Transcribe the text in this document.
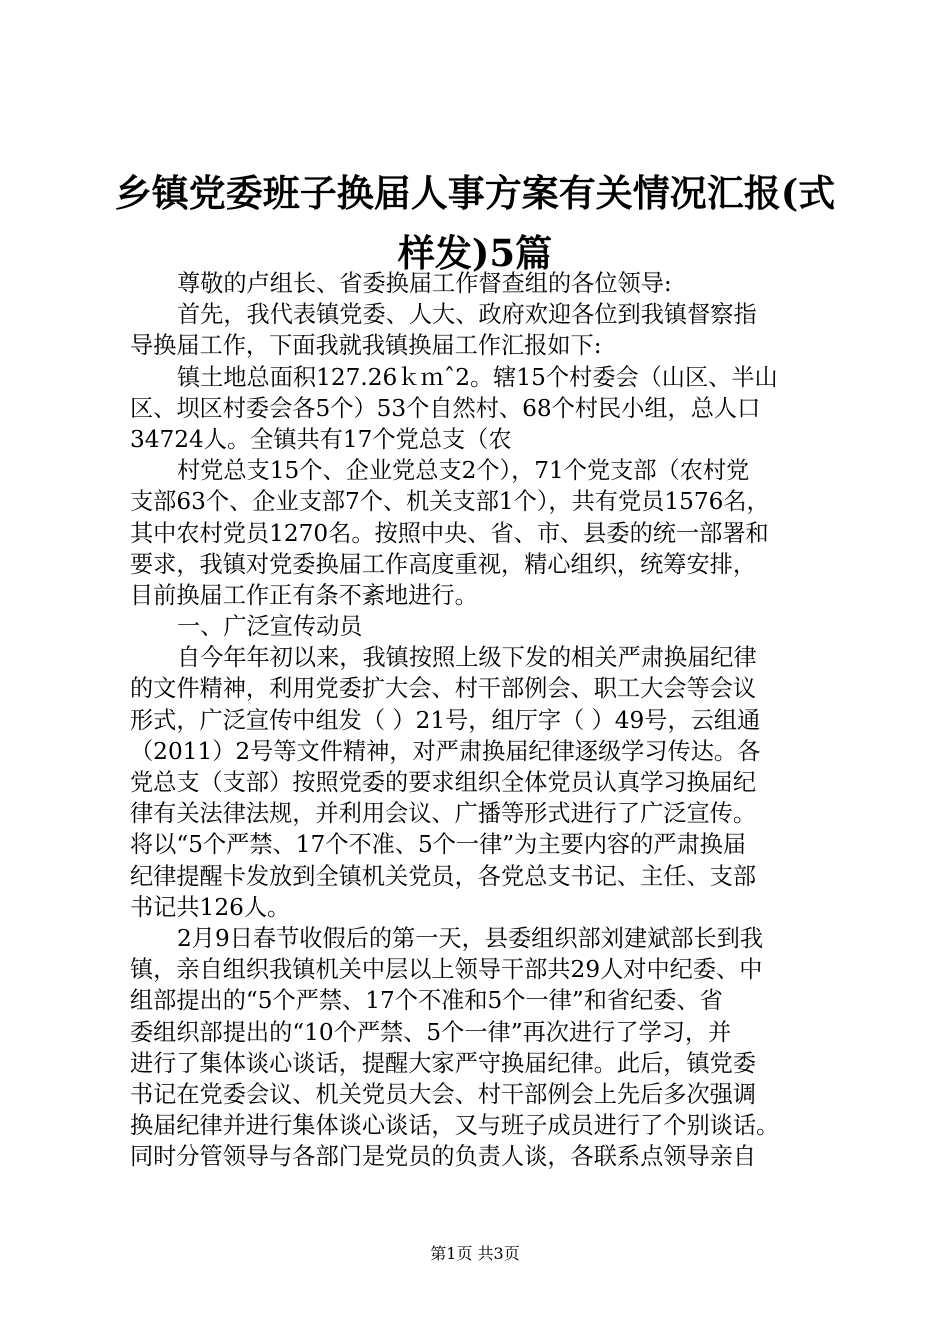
乡镇党委班子换届人事方案有关情况汇报(式
样发)5篇
尊敬的卢组长、省委换届工作督查组的各位领导:
首先，我代表镇党委、人大、政府欢迎各位到我镇督察指
导换届工作，下面我就我镇换届工作汇报如下:
镇土地总面积127.26ｋｍˆ2。辖15个村委会（山区、半山
区、坝区村委会各5个）53个自然村、68个村民小组，总人口
34724人。全镇共有17个党总支（农
村党总支15个、企业党总支2个），71个党支部（农村党
支部63个、企业支部7个、机关支部1个），共有党员1576名，
其中农村党员1270名。按照中央、省、市、县委的统一部署和
要求，我镇对党委换届工作高度重视，精心组织，统筹安排，
目前换届工作正有条不紊地进行。
一、广泛宣传动员
自今年年初以来，我镇按照上级下发的相关严肃换届纪律
的文件精神，利用党委扩大会、村干部例会、职工大会等会议
形式，广泛宣传中组发（ ）21号，组厅字（ ）49号，云组通
（2011）2号等文件精神，对严肃换届纪律逐级学习传达。各
党总支（支部）按照党委的要求组织全体党员认真学习换届纪
律有关法律法规，并利用会议、广播等形式进行了广泛宣传。
将以“5个严禁、17个不准、5个一律”为主要内容的严肃换届
纪律提醒卡发放到全镇机关党员，各党总支书记、主任、支部
书记共126人。
2月9日春节收假后的第一天，县委组织部刘建斌部长到我
镇，亲自组织我镇机关中层以上领导干部共29人对中纪委、中
组部提出的“5个严禁、17个不准和5个一律”和省纪委、省
委组织部提出的“10个严禁、5个一律”再次进行了学习，并
进行了集体谈心谈话，提醒大家严守换届纪律。此后，镇党委
书记在党委会议、机关党员大会、村干部例会上先后多次强调
换届纪律并进行集体谈心谈话，又与班子成员进行了个别谈话。
同时分管领导与各部门是党员的负责人谈，各联系点领导亲自
第1页 共3页
